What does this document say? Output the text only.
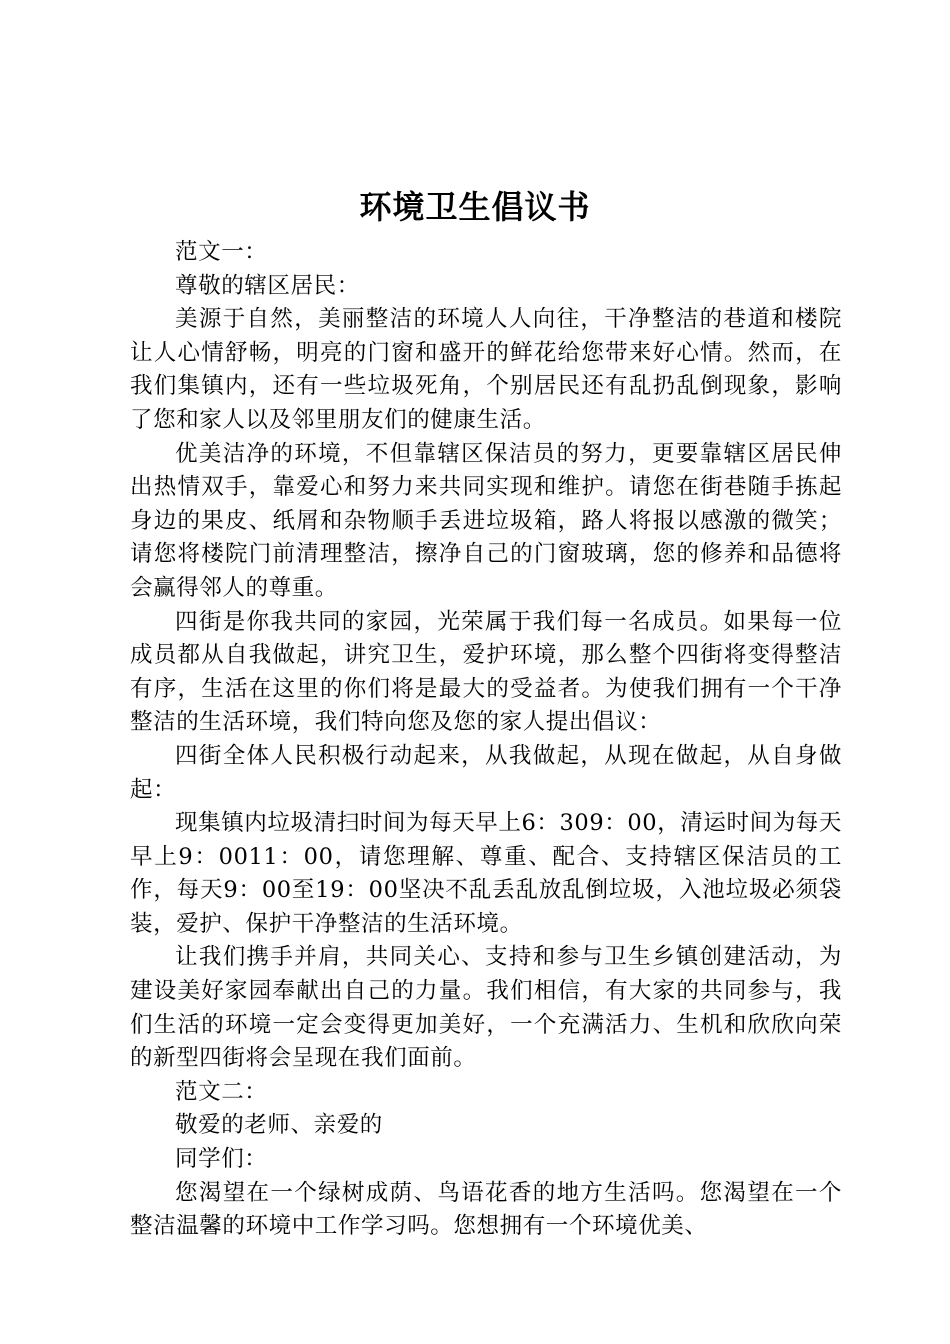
环境卫生倡议书

范文一：

尊敬的辖区居民：

美源于自然，美丽整洁的环境人人向往，干净整洁的巷道和楼院让人心情舒畅，明亮的门窗和盛开的鲜花给您带来好心情。然而，在我们集镇内，还有一些垃圾死角，个别居民还有乱扔乱倒现象，影响了您和家人以及邻里朋友们的健康生活。

优美洁净的环境，不但靠辖区保洁员的努力，更要靠辖区居民伸出热情双手，靠爱心和努力来共同实现和维护。请您在街巷随手拣起身边的果皮、纸屑和杂物顺手丢进垃圾箱，路人将报以感激的微笑；请您将楼院门前清理整洁，擦净自己的门窗玻璃，您的修养和品德将会赢得邻人的尊重。

四街是你我共同的家园，光荣属于我们每一名成员。如果每一位成员都从自我做起，讲究卫生，爱护环境，那么整个四街将变得整洁有序，生活在这里的你们将是最大的受益者。为使我们拥有一个干净整洁的生活环境，我们特向您及您的家人提出倡议：

四街全体人民积极行动起来，从我做起，从现在做起，从自身做起：

现集镇内垃圾清扫时间为每天早上6：309：00，清运时间为每天早上9：0011：00，请您理解、尊重、配合、支持辖区保洁员的工作，每天9：00至19：00坚决不乱丢乱放乱倒垃圾，入池垃圾必须袋装，爱护、保护干净整洁的生活环境。

让我们携手并肩，共同关心、支持和参与卫生乡镇创建活动，为建设美好家园奉献出自己的力量。我们相信，有大家的共同参与，我们生活的环境一定会变得更加美好，一个充满活力、生机和欣欣向荣的新型四街将会呈现在我们面前。

范文二：

敬爱的老师、亲爱的

同学们：

您渴望在一个绿树成荫、鸟语花香的地方生活吗。您渴望在一个整洁温馨的环境中工作学习吗。您想拥有一个环境优美、
